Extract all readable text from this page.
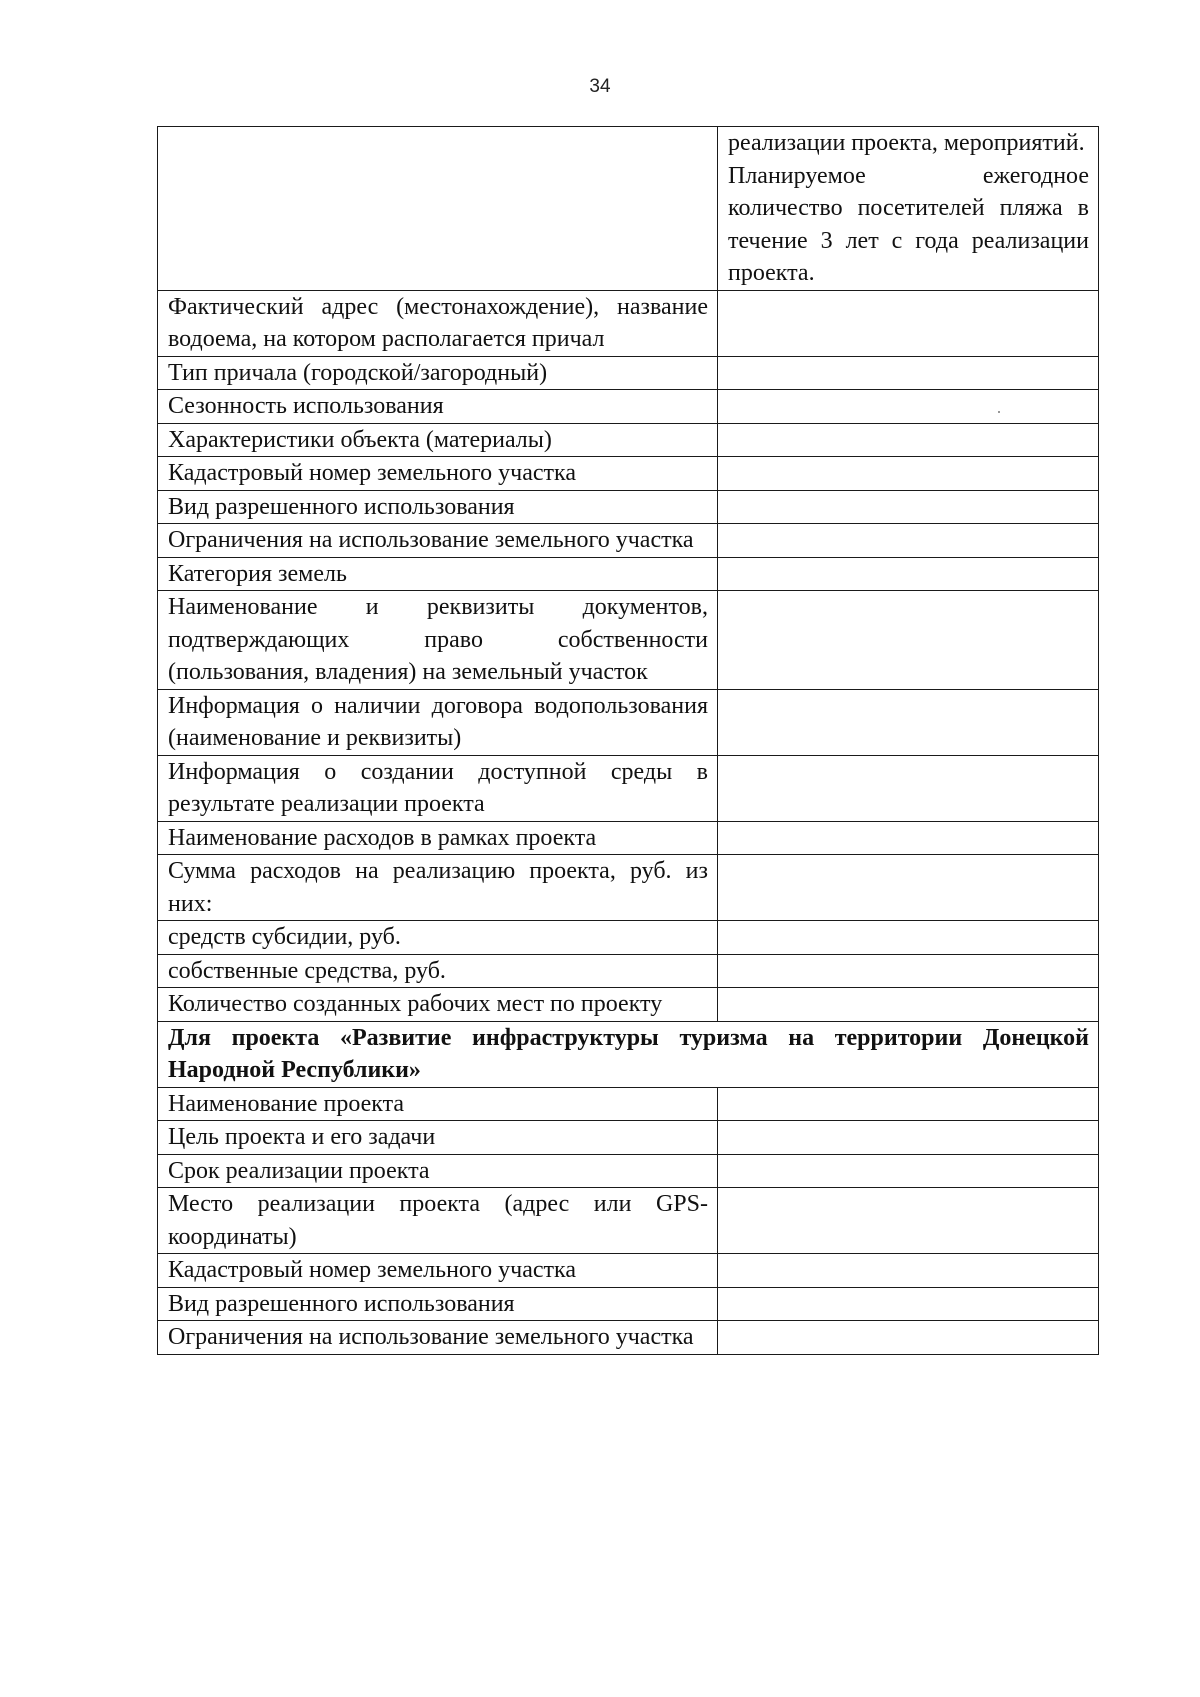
34

	реализации проекта, мероприятий.

Планируемое ежегодное количество посетителей пляжа в течение 3 лет с года реализации проекта.

Фактический адрес (местонахождение), название водоема, на котором располагается причал	
Тип причала (городской/загородный)	
Сезонность использования	
Характеристики объекта (материалы)	
Кадастровый номер земельного участка	
Вид разрешенного использования	
Ограничения на использование земельного участка	
Категория земель	
Наименование и реквизиты документов, подтверждающих право собственности (пользования, владения) на земельный участок	
Информация о наличии договора водопользования (наименование и реквизиты)	
Информация о создании доступной среды в результате реализации проекта	
Наименование расходов в рамках проекта	
Сумма расходов на реализацию проекта, руб. из них:	
средств субсидии, руб.	
собственные средства, руб.	
Количество созданных рабочих мест по проекту	
Для проекта «Развитие инфраструктуры туризма на территории Донецкой Народной Республики»	
Наименование проекта	
Цель проекта и его задачи	
Срок реализации проекта	
Место реализации проекта (адрес или GPS-координаты)	
Кадастровый номер земельного участка	
Вид разрешенного использования	
Ограничения на использование земельного участка	
